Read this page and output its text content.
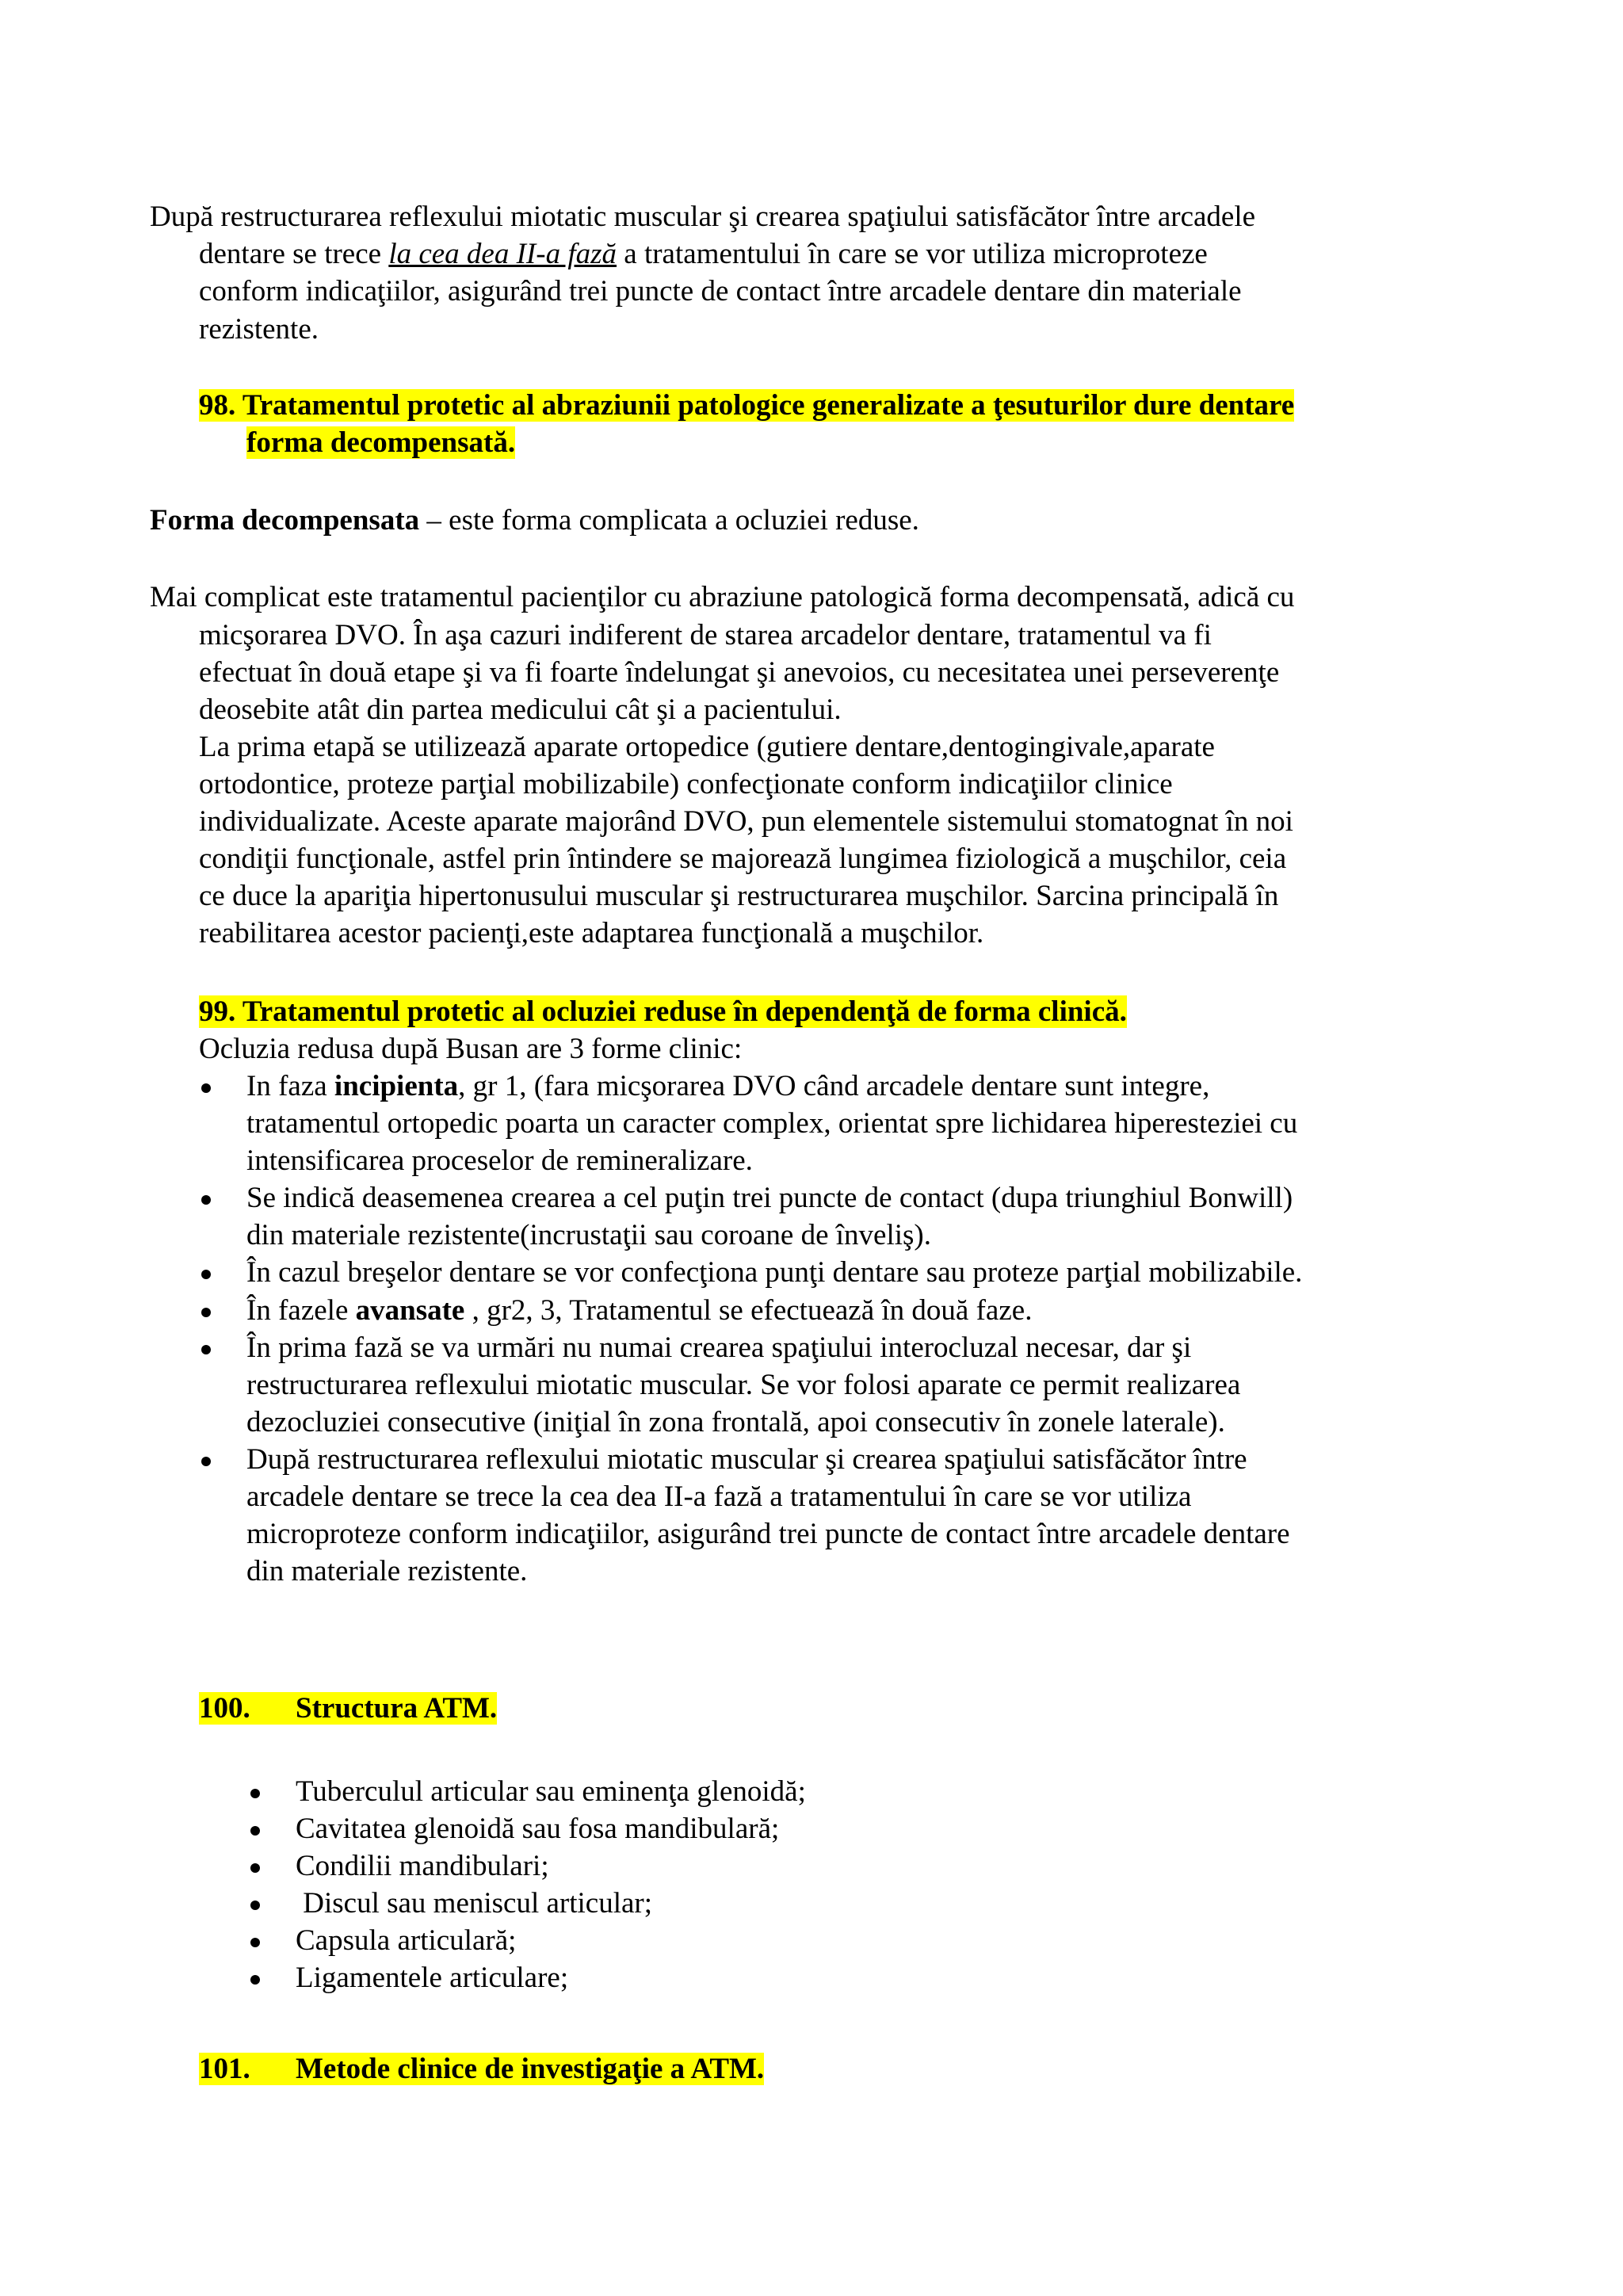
După restructurarea reflexului miotatic muscular şi crearea spaţiului satisfăcător între arcadele

dentare se trece la cea dea II-a fază a tratamentului în care se vor utiliza microproteze

conform indicaţiilor, asigurând trei puncte de contact între arcadele dentare din materiale

rezistente.

98. Tratamentul protetic al abraziunii patologice generalizate a ţesuturilor dure dentare

forma decompensată.

Forma decompensata – este forma complicata a ocluziei reduse.

Mai complicat este tratamentul pacienţilor cu abraziune patologică forma decompensată, adică cu

micşorarea DVO. În aşa cazuri indiferent de starea arcadelor dentare, tratamentul va fi

efectuat în două etape şi va fi foarte îndelungat şi anevoios, cu necesitatea unei perseverenţe

deosebite atât din partea medicului cât şi a pacientului.

La prima etapă se utilizează aparate ortopedice (gutiere dentare,dentogingivale,aparate

ortodontice, proteze parţial mobilizabile) confecţionate conform indicaţiilor clinice

individualizate. Aceste aparate majorând DVO, pun elementele sistemului stomatognat în noi

condiţii funcţionale, astfel prin întindere se majorează lungimea fiziologică a muşchilor, ceia

ce duce la apariţia hipertonusului muscular şi restructurarea muşchilor. Sarcina principală în

reabilitarea acestor pacienţi,este adaptarea funcţională a muşchilor.

99. Tratamentul protetic al ocluziei reduse în dependenţă de forma clinică.

Ocluzia redusa după Busan are 3 forme clinic:

In faza incipienta, gr 1, (fara micşorarea DVO când arcadele dentare sunt integre,

tratamentul ortopedic poarta un caracter complex, orientat spre lichidarea hiperesteziei cu

intensificarea proceselor de remineralizare.

Se indică deasemenea crearea a cel puţin trei puncte de contact (dupa triunghiul Bonwill)

din materiale rezistente(incrustaţii sau coroane de înveliş).

În cazul breşelor dentare se vor confecţiona punţi dentare sau proteze parţial mobilizabile.

În fazele avansate , gr2, 3, Tratamentul se efectuează în două faze.

În prima fază se va urmări nu numai crearea spaţiului interocluzal necesar, dar şi

restructurarea reflexului miotatic muscular. Se vor folosi aparate ce permit realizarea

dezocluziei consecutive (iniţial în zona frontală, apoi consecutiv în zonele laterale).

După restructurarea reflexului miotatic muscular şi crearea spaţiului satisfăcător între

arcadele dentare se trece la cea dea II-a fază a tratamentului în care se vor utiliza

microproteze conform indicaţiilor, asigurând trei puncte de contact între arcadele dentare

din materiale rezistente.

100. Structura ATM.

Tuberculul articular sau eminenţa glenoidă;

Cavitatea glenoidă sau fosa mandibulară;

Condilii mandibulari;

Discul sau meniscul articular;

Capsula articulară;

Ligamentele articulare;

101. Metode clinice de investigaţie a ATM.
